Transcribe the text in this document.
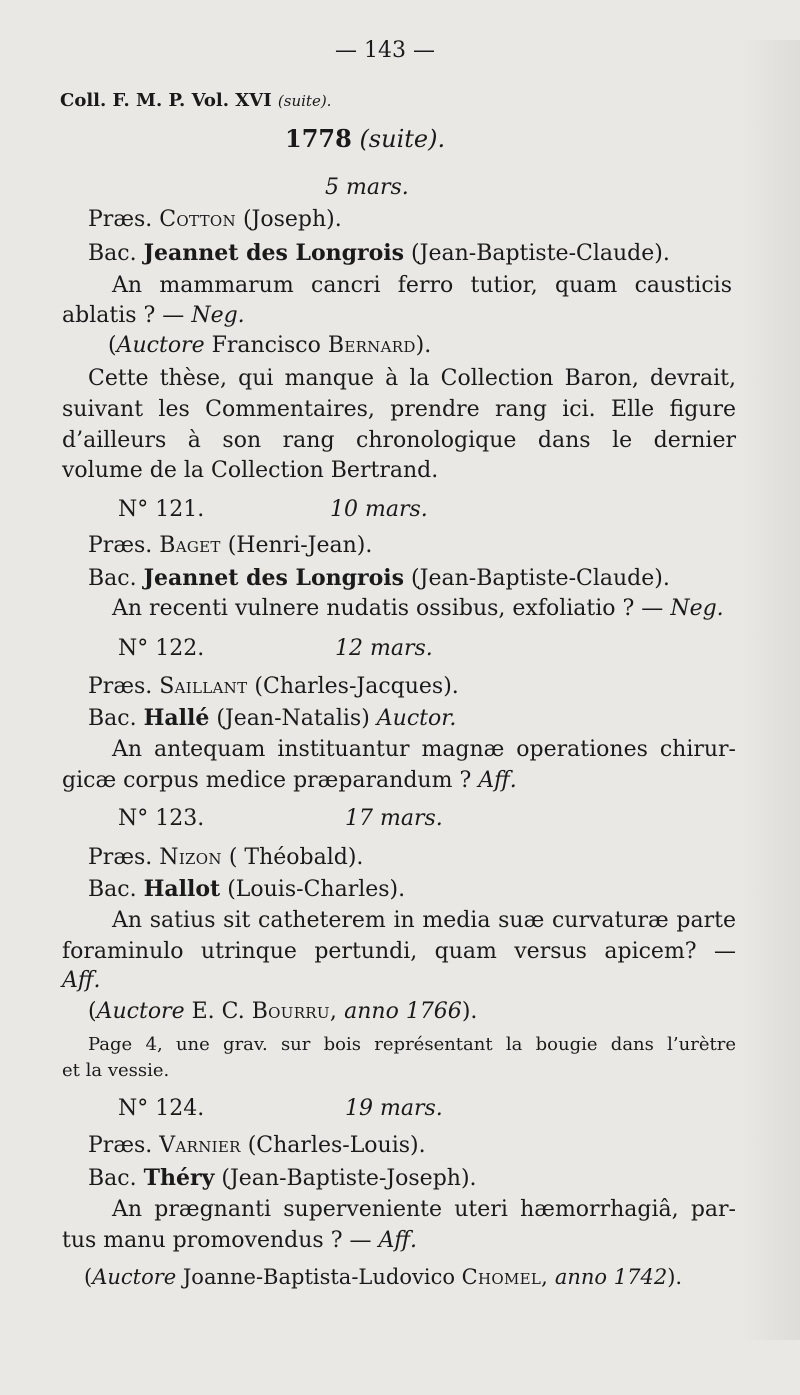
— 143 —
Coll. F. M. P. Vol. XVI (suite).
1778 (suite).
5 mars.
Præs. Cotton (Joseph).
Bac. Jeannet des Longrois (Jean-Baptiste-Claude).
An mammarum cancri ferro tutior, quam causticis
ablatis ? — Neg.
(Auctore Francisco Bernard).
Cette thèse, qui manque à la Collection Baron, devrait,
suivant les Commentaires, prendre rang ici. Elle figure
d’ailleurs à son rang chronologique dans le dernier
volume de la Collection Bertrand.
N° 121.	10 mars.
Præs. Baget (Henri-Jean).
Bac. Jeannet des Longrois (Jean-Baptiste-Claude).
An recenti vulnere nudatis ossibus, exfoliatio ? — Neg.
N° 122.	12 mars.
Præs. Saillant (Charles-Jacques).
Bac. Hallé (Jean-Natalis) Auctor.
An antequam instituantur magnæ operationes chirur-
gicæ corpus medice præparandum ? Aff.
N° 123.	17 mars.
Præs. Nizon ( Théobald).
Bac. Hallot (Louis-Charles).
An satius sit catheterem in media suæ curvaturæ parte
foraminulo utrinque pertundi, quam versus apicem? —
Aff.
(Auctore E. C. Bourru, anno 1766).
Page 4, une grav. sur bois représentant la bougie dans l’urètre
et la vessie.
N° 124.	19 mars.
Præs. Varnier (Charles-Louis).
Bac. Théry (Jean-Baptiste-Joseph).
An prægnanti superveniente uteri hæmorrhagiâ, par-
tus manu promovendus ? — Aff.
(Auctore Joanne-Baptista-Ludovico Chomel, anno 1742).
